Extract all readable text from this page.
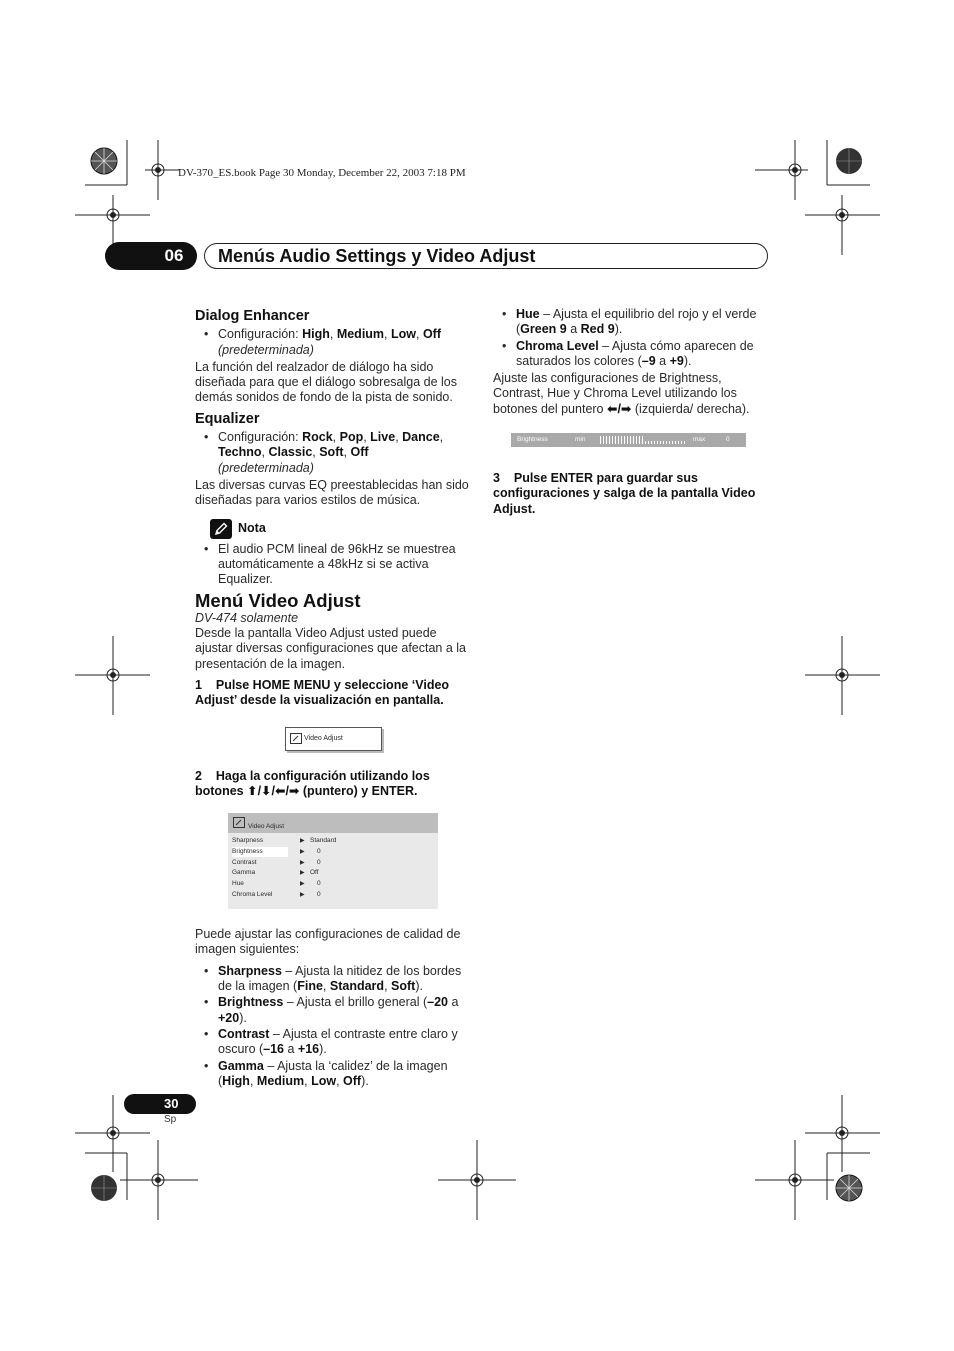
DV-370_ES.book Page 30 Monday, December 22, 2003 7:18 PM
06	Menús Audio Settings y Video Adjust
Dialog Enhancer
• Configuración: High, Medium, Low, Off
(predeterminada)

La función del realzador de diálogo ha sido diseñada para que el diálogo sobresalga de los demás sonidos de fondo de la pista de sonido.

Equalizer
• Configuración: Rock, Pop, Live, Dance, Techno, Classic, Soft, Off
(predeterminada)

Las diversas curvas EQ preestablecidas han sido diseñadas para varios estilos de música.

Nota
• El audio PCM lineal de 96kHz se muestrea automáticamente a 48kHz si se activa Equalizer.
Menú Video Adjust
DV-474 solamente

Desde la pantalla Video Adjust usted puede ajustar diversas configuraciones que afectan a la presentación de la imagen.

1 Pulse HOME MENU y seleccione ‘Video Adjust’ desde la visualización en pantalla.
Video Adjust
2 Haga la configuración utilizando los botones ⬆/⬇/⬅/➡ (puntero) y ENTER.
Video Adjust
Sharpness	▶ Standard
Brightness	▶ 0
Contrast	▶ 0
Gamma	▶ Off
Hue	▶ 0
Chroma Level	▶ 0

Puede ajustar las configuraciones de calidad de imagen siguientes:

• Sharpness – Ajusta la nitidez de los bordes de la imagen (Fine, Standard, Soft).
• Brightness – Ajusta el brillo general (–20 a +20).
• Contrast – Ajusta el contraste entre claro y oscuro (–16 a +16).
• Gamma – Ajusta la ‘calidez’ de la imagen (High, Medium, Low, Off).
• Hue – Ajusta el equilibrio del rojo y el verde (Green 9 a Red 9).
• Chroma Level – Ajusta cómo aparecen de saturados los colores (–9 a +9).

Ajuste las configuraciones de Brightness, Contrast, Hue y Chroma Level utilizando los botones del puntero ⬅/➡ (izquierda/ derecha).

Brightness	min	max	0
3 Pulse ENTER para guardar sus configuraciones y salga de la pantalla Video Adjust.
30
Sp
